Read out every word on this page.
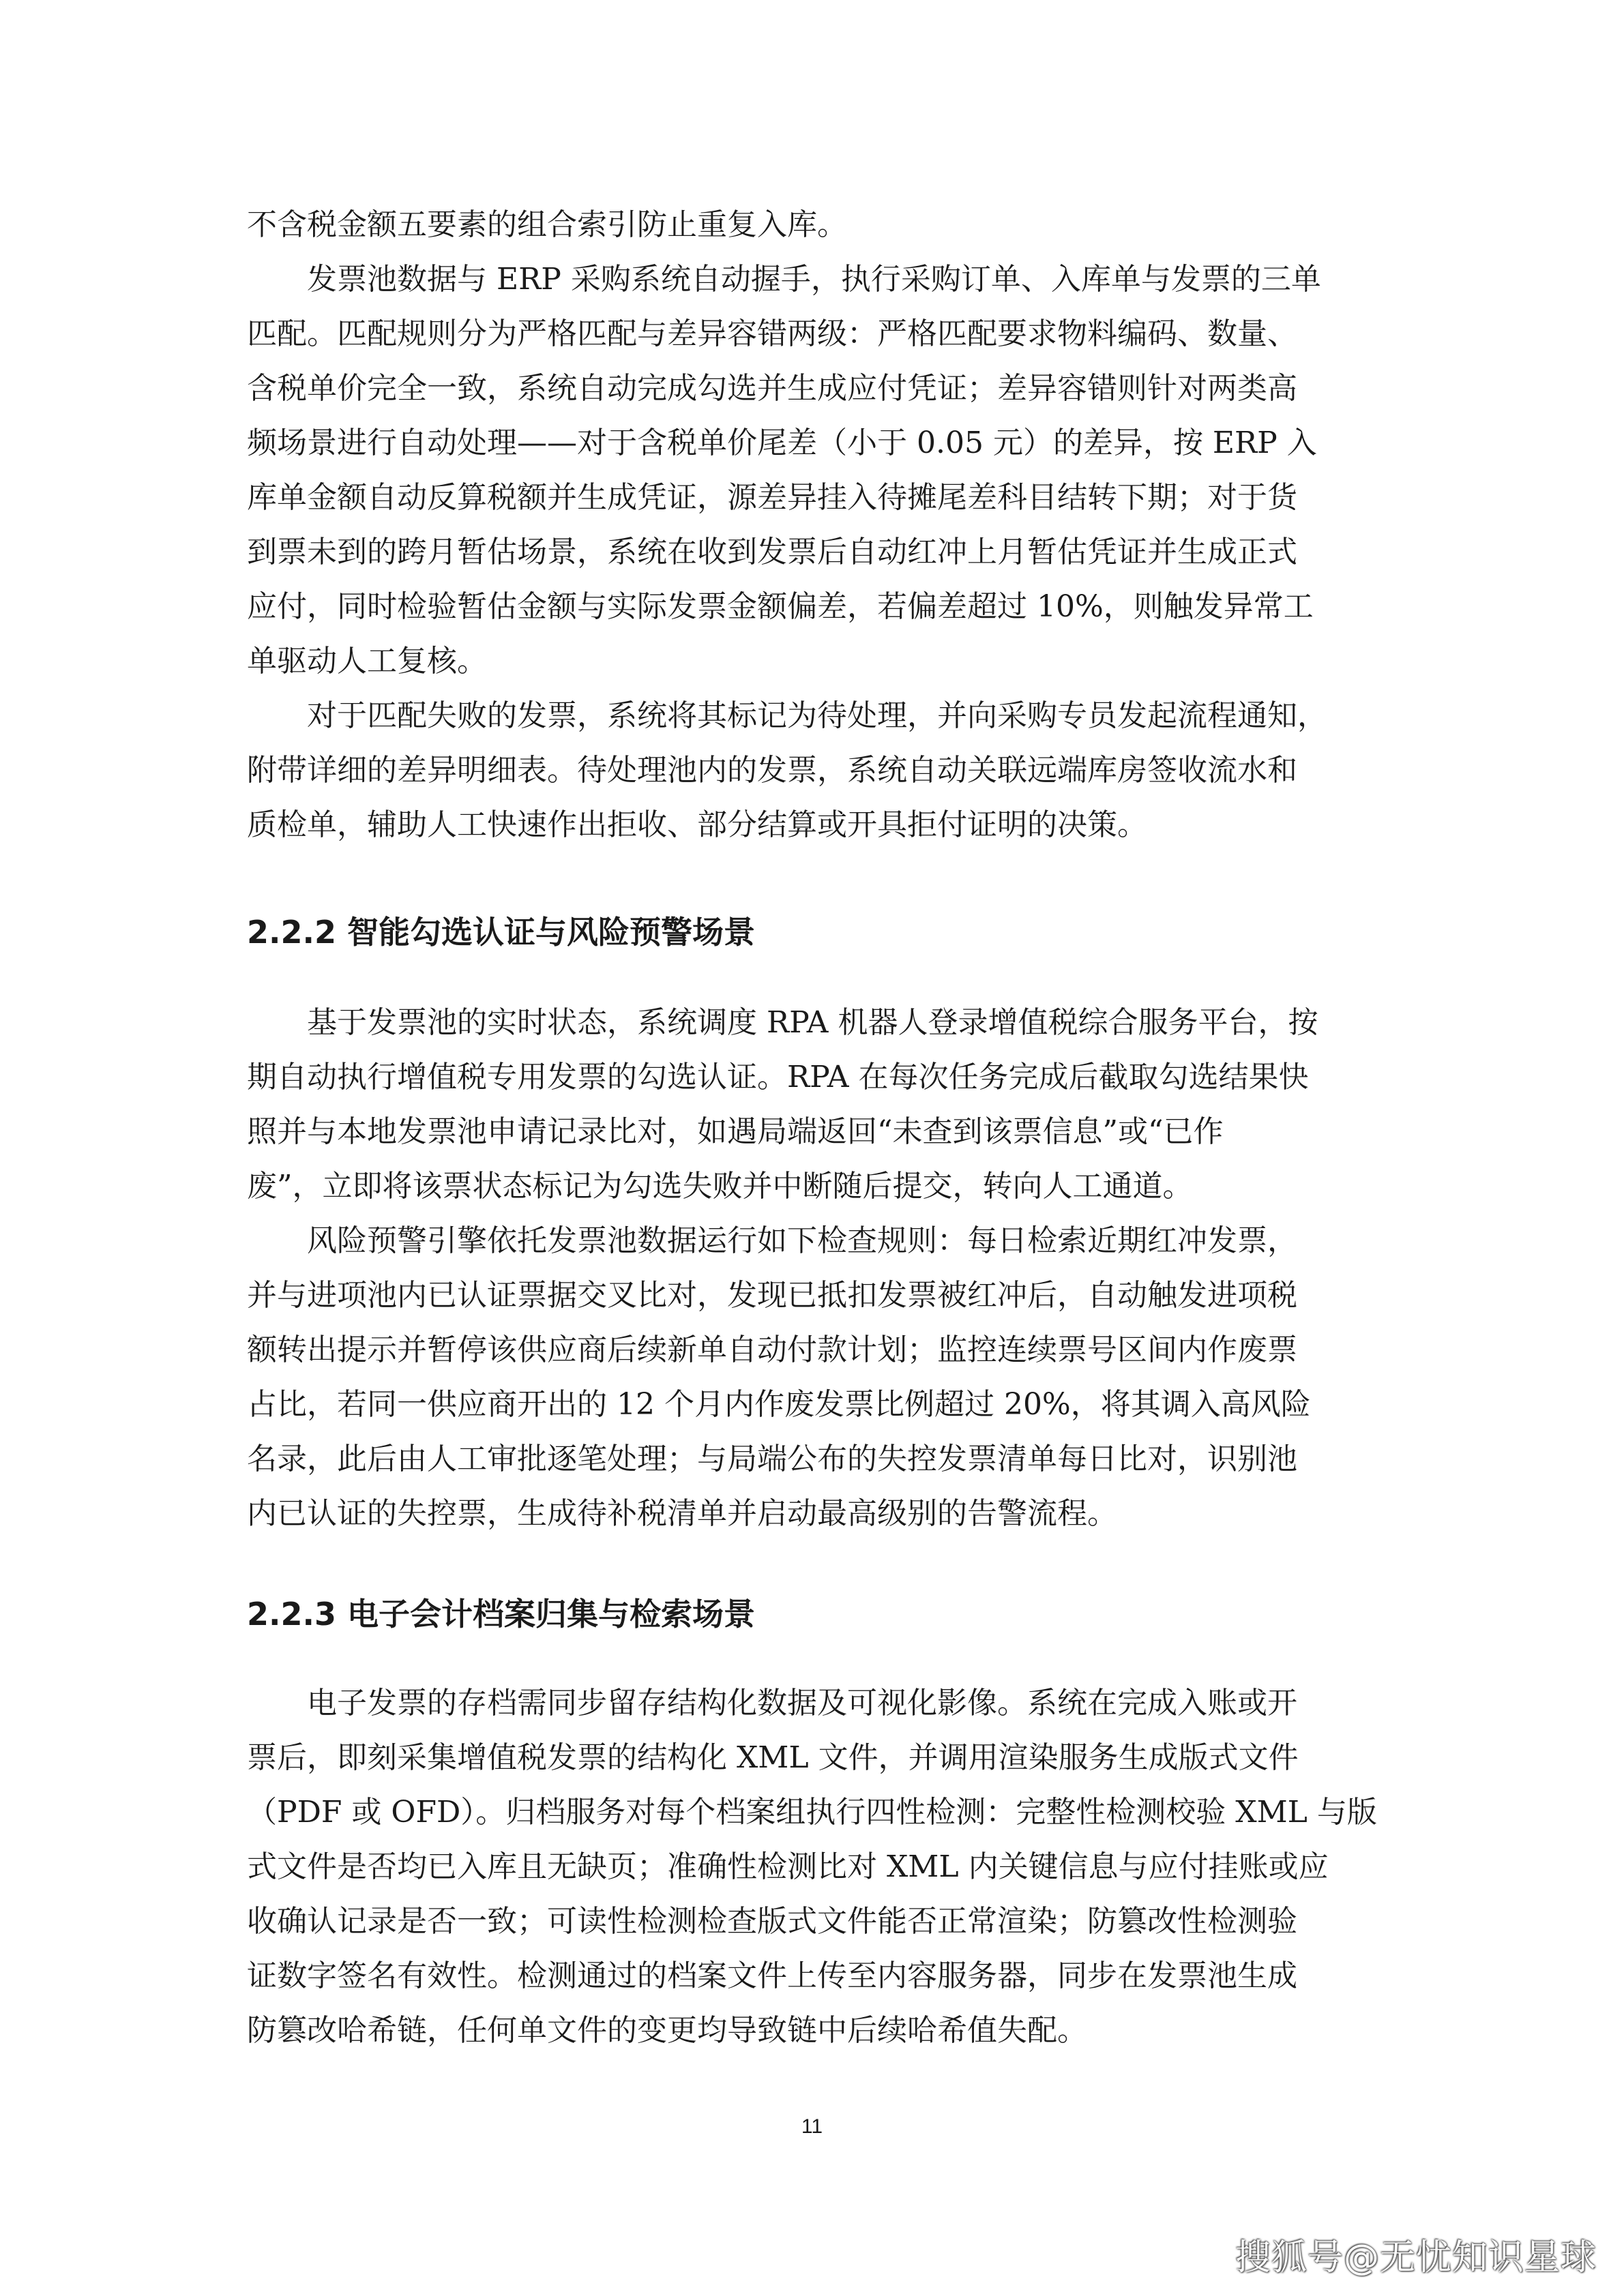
不含税金额五要素的组合索引防止重复入库。
　　发票池数据与 ERP 采购系统自动握手，执行采购订单、入库单与发票的三单
匹配。匹配规则分为严格匹配与差异容错两级：严格匹配要求物料编码、数量、
含税单价完全一致，系统自动完成勾选并生成应付凭证；差异容错则针对两类高
频场景进行自动处理——对于含税单价尾差（小于 0.05 元）的差异，按 ERP 入
库单金额自动反算税额并生成凭证，源差异挂入待摊尾差科目结转下期；对于货
到票未到的跨月暂估场景，系统在收到发票后自动红冲上月暂估凭证并生成正式
应付，同时检验暂估金额与实际发票金额偏差，若偏差超过 10%，则触发异常工
单驱动人工复核。
　　对于匹配失败的发票，系统将其标记为待处理，并向采购专员发起流程通知，
附带详细的差异明细表。待处理池内的发票，系统自动关联远端库房签收流水和
质检单，辅助人工快速作出拒收、部分结算或开具拒付证明的决策。
2.2.2 智能勾选认证与风险预警场景
　　基于发票池的实时状态，系统调度 RPA 机器人登录增值税综合服务平台，按
期自动执行增值税专用发票的勾选认证。RPA 在每次任务完成后截取勾选结果快
照并与本地发票池申请记录比对，如遇局端返回“未查到该票信息”或“已作
废”，立即将该票状态标记为勾选失败并中断随后提交，转向人工通道。
　　风险预警引擎依托发票池数据运行如下检查规则：每日检索近期红冲发票，
并与进项池内已认证票据交叉比对，发现已抵扣发票被红冲后，自动触发进项税
额转出提示并暂停该供应商后续新单自动付款计划；监控连续票号区间内作废票
占比，若同一供应商开出的 12 个月内作废发票比例超过 20%，将其调入高风险
名录，此后由人工审批逐笔处理；与局端公布的失控发票清单每日比对，识别池
内已认证的失控票，生成待补税清单并启动最高级别的告警流程。
2.2.3 电子会计档案归集与检索场景
　　电子发票的存档需同步留存结构化数据及可视化影像。系统在完成入账或开
票后，即刻采集增值税发票的结构化 XML 文件，并调用渲染服务生成版式文件
（PDF 或 OFD）。归档服务对每个档案组执行四性检测：完整性检测校验 XML 与版
式文件是否均已入库且无缺页；准确性检测比对 XML 内关键信息与应付挂账或应
收确认记录是否一致；可读性检测检查版式文件能否正常渲染；防篡改性检测验
证数字签名有效性。检测通过的档案文件上传至内容服务器，同步在发票池生成
防篡改哈希链，任何单文件的变更均导致链中后续哈希值失配。
11
搜狐号@无忧知识星球
